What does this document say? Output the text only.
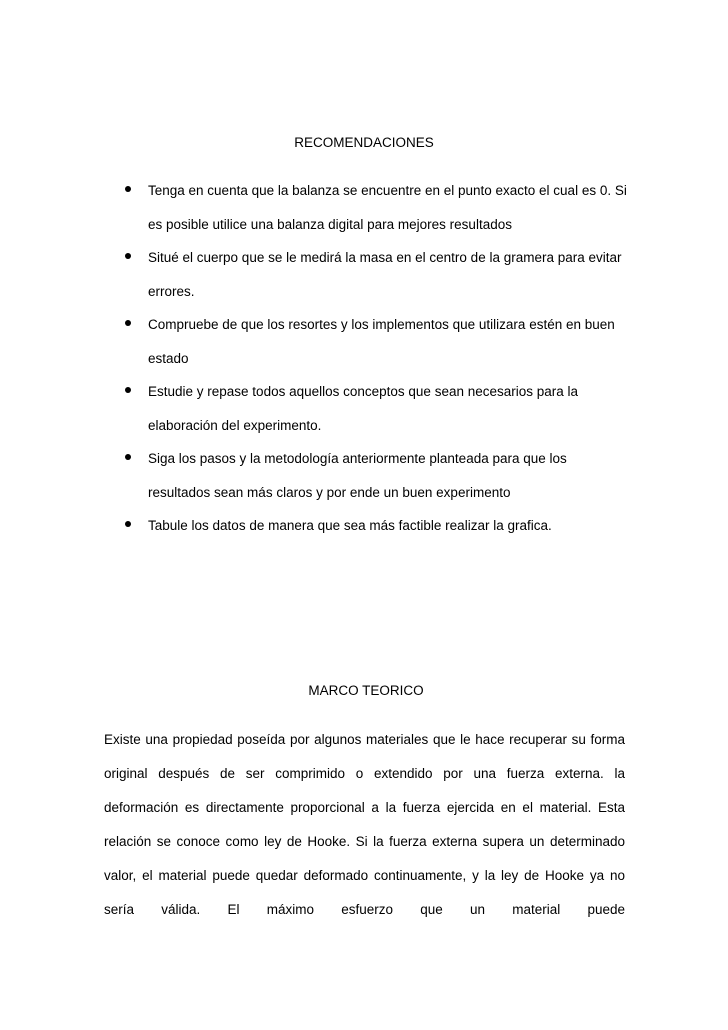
RECOMENDACIONES

Tenga en cuenta que la balanza se encuentre en el punto exacto el cual es 0. Si es posible utilice una balanza digital para mejores resultados

Situé el cuerpo que se le medirá la masa en el centro de la gramera para evitar errores.

Compruebe de que los resortes y los implementos que utilizara estén en buen estado

Estudie y repase todos aquellos conceptos que sean necesarios para la elaboración del experimento.

Siga los pasos y la metodología anteriormente planteada para que los resultados sean más claros y por ende un buen experimento

Tabule los datos de manera que sea más factible realizar la grafica.

MARCO TEORICO

Existe una propiedad poseída por algunos materiales que le hace recuperar su forma original después de ser comprimido o extendido por una fuerza externa. la deformación es directamente proporcional a la fuerza ejercida en el material. Esta relación se conoce como ley de Hooke. Si la fuerza externa supera un determinado valor, el material puede quedar deformado continuamente, y la ley de Hooke ya no sería válida. El máximo esfuerzo que un material puede
